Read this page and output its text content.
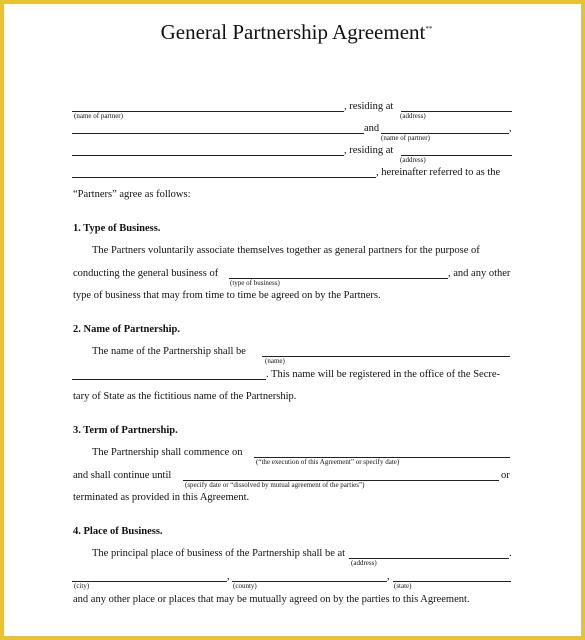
General Partnership Agreement**
, residing at
(name of partner)	(address)
and	,
(name of partner)
, residing at
(address)
, hereinafter referred to as the
“Partners” agree as follows:
1. Type of Business.
The Partners voluntarily associate themselves together as general partners for the purpose of
conducting the general business of	, and any other
(type of business)
type of business that may from time to time be agreed on by the Partners.
2. Name of Partnership.
The name of the Partnership shall be
(name)
. This name will be registered in the office of the Secre-
tary of State as the fictitious name of the Partnership.
3. Term of Partnership.
The Partnership shall commence on
(“the execution of this Agreement” or specify date)
and shall continue until	or
(specify date or “dissolved by mutual agreement of the parties”)
terminated as provided in this Agreement.
4. Place of Business.
The principal place of business of the Partnership shall be at	.
(address)
,	,
(city)	(county)	(state)
and any other place or places that may be mutually agreed on by the parties to this Agreement.
